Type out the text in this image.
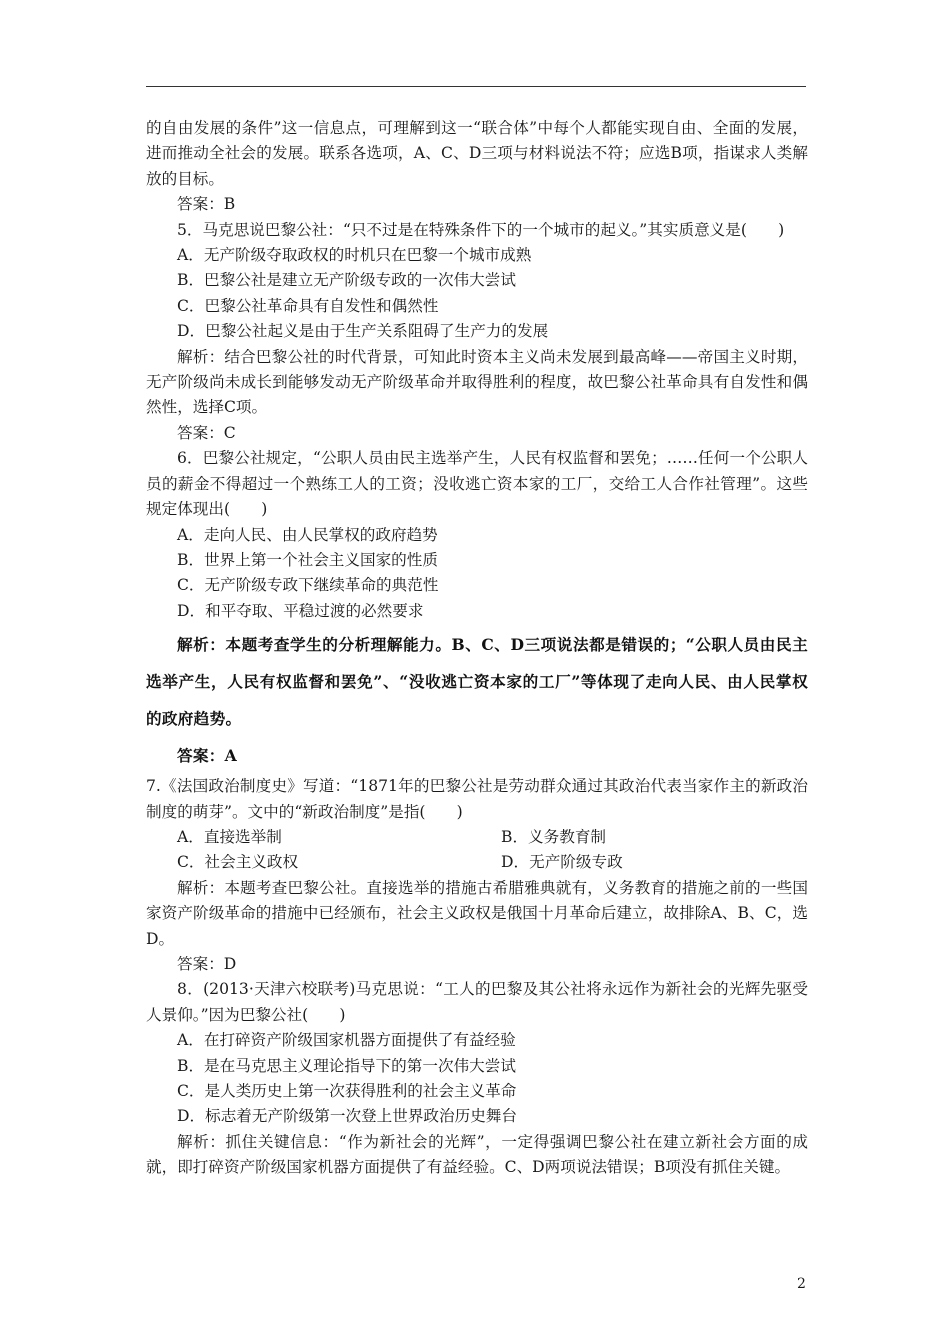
的自由发展的条件”这一信息点，可理解到这一“联合体”中每个人都能实现自由、全面的发展，进而推动全社会的发展。联系各选项，A、C、D三项与材料说法不符；应选B项，指谋求人类解放的目标。
答案：B
5．马克思说巴黎公社：“只不过是在特殊条件下的一个城市的起义。”其实质意义是(　　)
A．无产阶级夺取政权的时机只在巴黎一个城市成熟
B．巴黎公社是建立无产阶级专政的一次伟大尝试
C．巴黎公社革命具有自发性和偶然性
D．巴黎公社起义是由于生产关系阻碍了生产力的发展
解析：结合巴黎公社的时代背景，可知此时资本主义尚未发展到最高峰——帝国主义时期，无产阶级尚未成长到能够发动无产阶级革命并取得胜利的程度，故巴黎公社革命具有自发性和偶然性，选择C项。
答案：C
6．巴黎公社规定，“公职人员由民主选举产生，人民有权监督和罢免；……任何一个公职人员的薪金不得超过一个熟练工人的工资；没收逃亡资本家的工厂，交给工人合作社管理”。这些规定体现出(　　)
A．走向人民、由人民掌权的政府趋势
B．世界上第一个社会主义国家的性质
C．无产阶级专政下继续革命的典范性
D．和平夺取、平稳过渡的必然要求
解析：本题考查学生的分析理解能力。B、C、D三项说法都是错误的；“公职人员由民主选举产生，人民有权监督和罢免”、“没收逃亡资本家的工厂”等体现了走向人民、由人民掌权的政府趋势。
答案：A
7.《法国政治制度史》写道：“1871年的巴黎公社是劳动群众通过其政治代表当家作主的新政治制度的萌芽”。文中的“新政治制度”是指(　　)
A．直接选举制	B．义务教育制
C．社会主义政权	D．无产阶级专政
解析：本题考查巴黎公社。直接选举的措施古希腊雅典就有，义务教育的措施之前的一些国家资产阶级革命的措施中已经颁布，社会主义政权是俄国十月革命后建立，故排除A、B、C，选D。
答案：D
8．(2013·天津六校联考)马克思说：“工人的巴黎及其公社将永远作为新社会的光辉先驱受人景仰。”因为巴黎公社(　　)
A．在打碎资产阶级国家机器方面提供了有益经验
B．是在马克思主义理论指导下的第一次伟大尝试
C．是人类历史上第一次获得胜利的社会主义革命
D．标志着无产阶级第一次登上世界政治历史舞台
解析：抓住关键信息：“作为新社会的光辉”，一定得强调巴黎公社在建立新社会方面的成就，即打碎资产阶级国家机器方面提供了有益经验。C、D两项说法错误；B项没有抓住关键。
2
